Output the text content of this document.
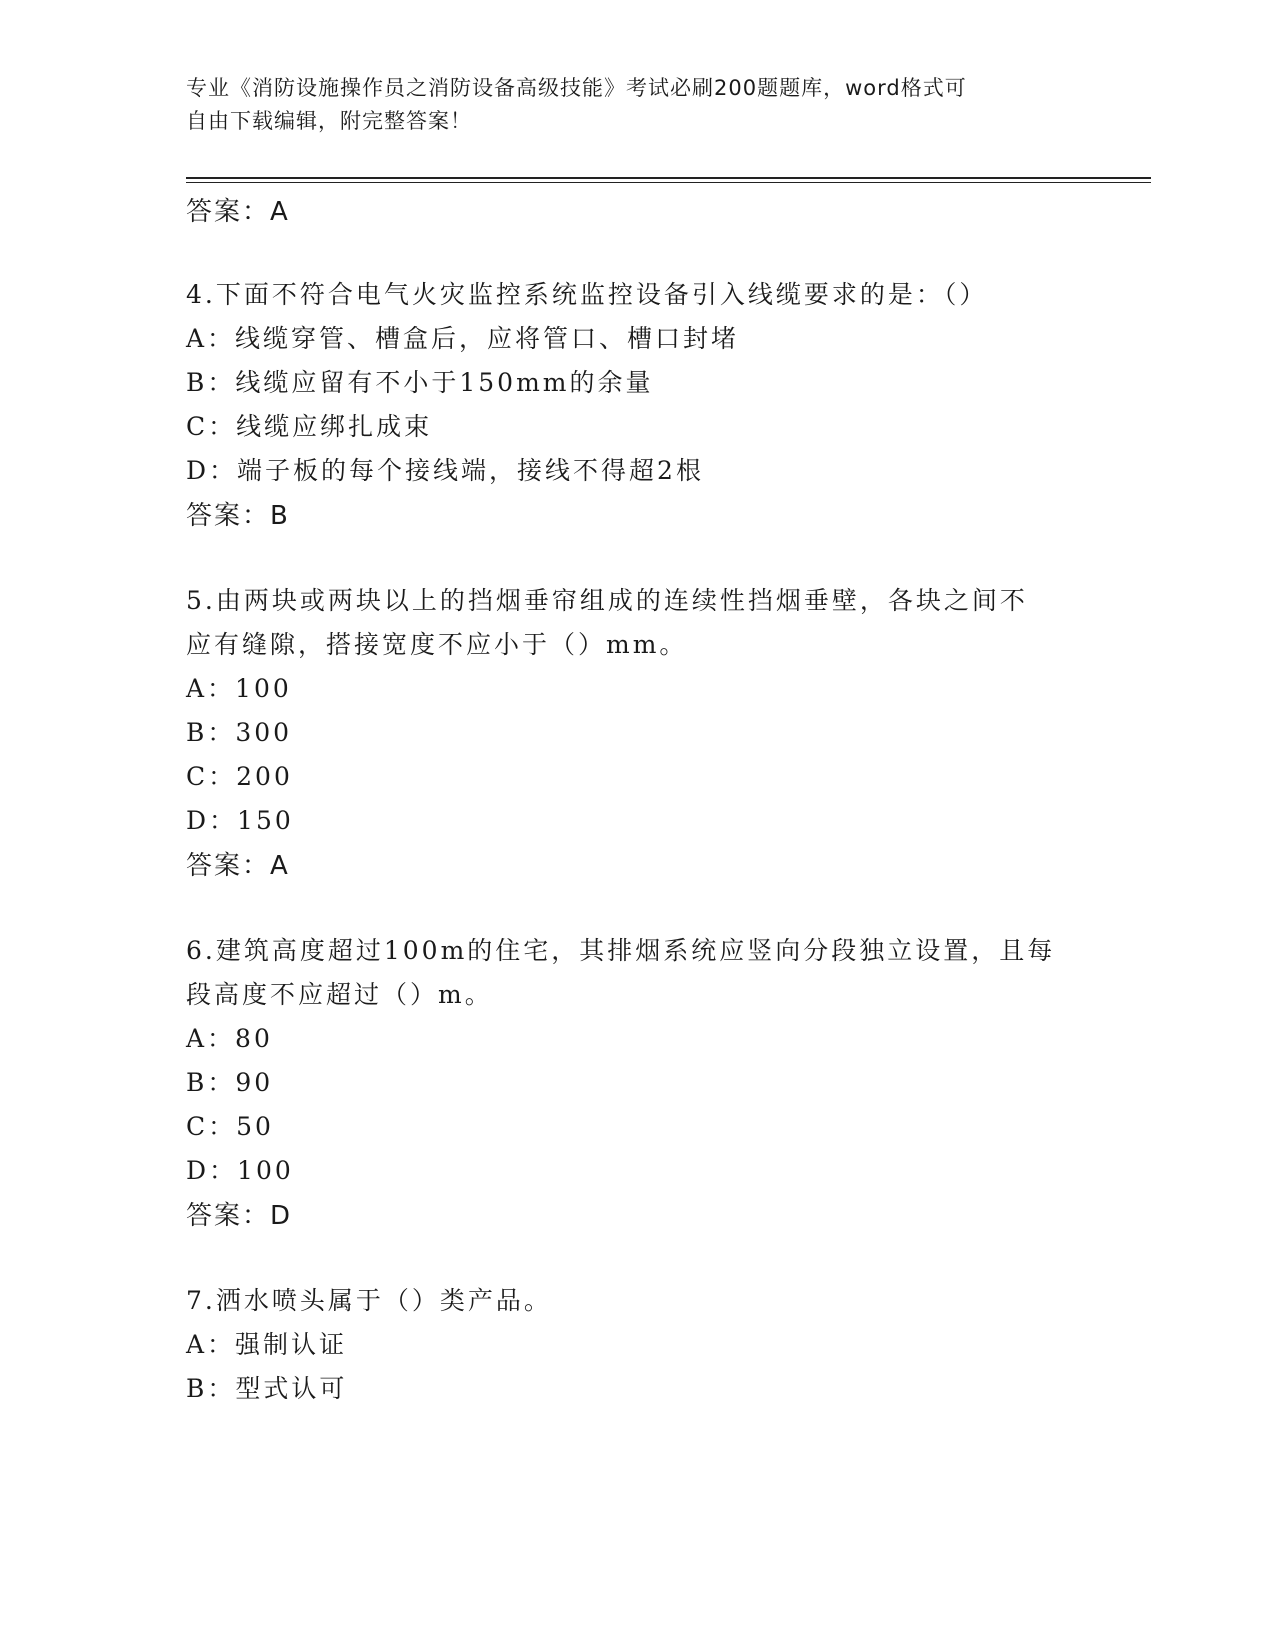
专业《消防设施操作员之消防设备高级技能》考试必刷200题题库，word格式可
自由下载编辑，附完整答案！
答案：A
4.下面不符合电气火灾监控系统监控设备引入线缆要求的是：（）
A：线缆穿管、槽盒后，应将管口、槽口封堵
B：线缆应留有不小于150mm的余量
C：线缆应绑扎成束
D：端子板的每个接线端，接线不得超2根
答案：B
5.由两块或两块以上的挡烟垂帘组成的连续性挡烟垂壁，各块之间不
应有缝隙，搭接宽度不应小于（）mm。
A：100
B：300
C：200
D：150
答案：A
6.建筑高度超过100m的住宅，其排烟系统应竖向分段独立设置，且每
段高度不应超过（）m。
A：80
B：90
C：50
D：100
答案：D
7.洒水喷头属于（）类产品。
A：强制认证
B：型式认可
